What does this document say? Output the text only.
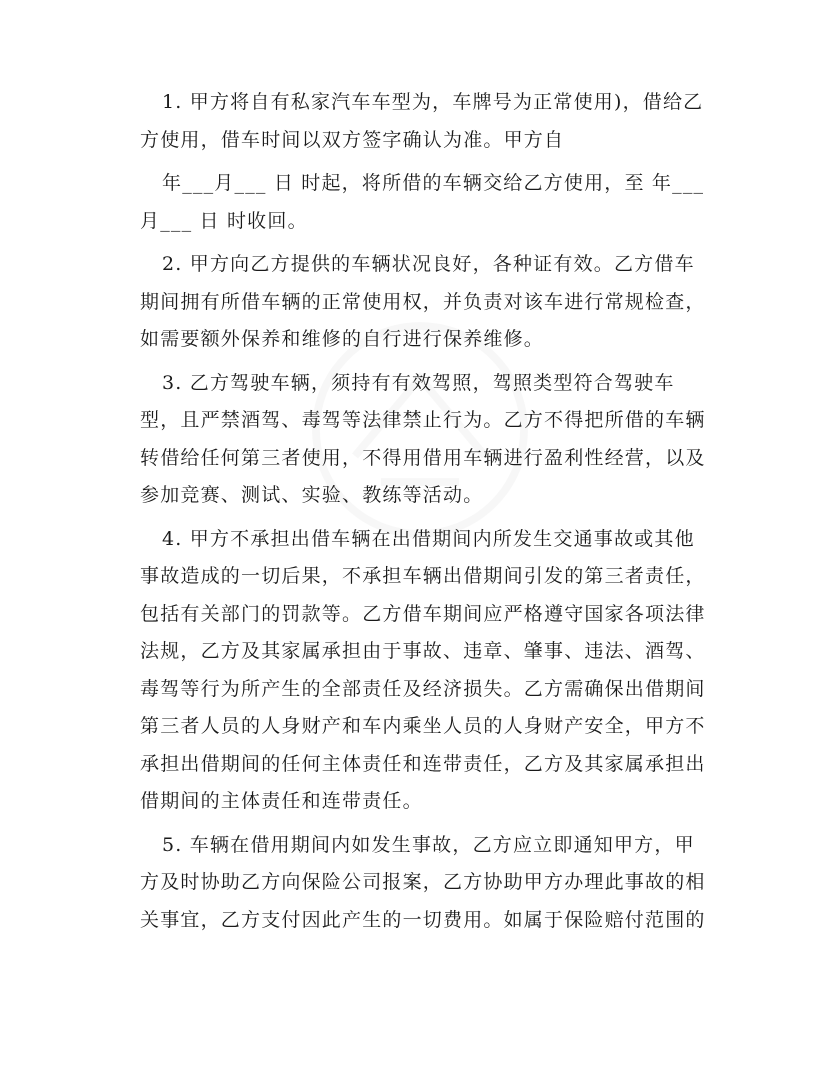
1. 甲方将自有私家汽车车型为，车牌号为正常使用)，借给乙
方使用，借车时间以双方签字确认为准。甲方自
年___月___ 日 时起，将所借的车辆交给乙方使用，至 年___
月___ 日 时收回。
2. 甲方向乙方提供的车辆状况良好，各种证有效。乙方借车
期间拥有所借车辆的正常使用权，并负责对该车进行常规检查，
如需要额外保养和维修的自行进行保养维修。
3. 乙方驾驶车辆，须持有有效驾照，驾照类型符合驾驶车
型，且严禁酒驾、毒驾等法律禁止行为。乙方不得把所借的车辆
转借给任何第三者使用，不得用借用车辆进行盈利性经营，以及
参加竞赛、测试、实验、教练等活动。
4. 甲方不承担出借车辆在出借期间内所发生交通事故或其他
事故造成的一切后果，不承担车辆出借期间引发的第三者责任，
包括有关部门的罚款等。乙方借车期间应严格遵守国家各项法律
法规，乙方及其家属承担由于事故、违章、肇事、违法、酒驾、
毒驾等行为所产生的全部责任及经济损失。乙方需确保出借期间
第三者人员的人身财产和车内乘坐人员的人身财产安全，甲方不
承担出借期间的任何主体责任和连带责任，乙方及其家属承担出
借期间的主体责任和连带责任。
5. 车辆在借用期间内如发生事故，乙方应立即通知甲方，甲
方及时协助乙方向保险公司报案，乙方协助甲方办理此事故的相
关事宜，乙方支付因此产生的一切费用。如属于保险赔付范围的
